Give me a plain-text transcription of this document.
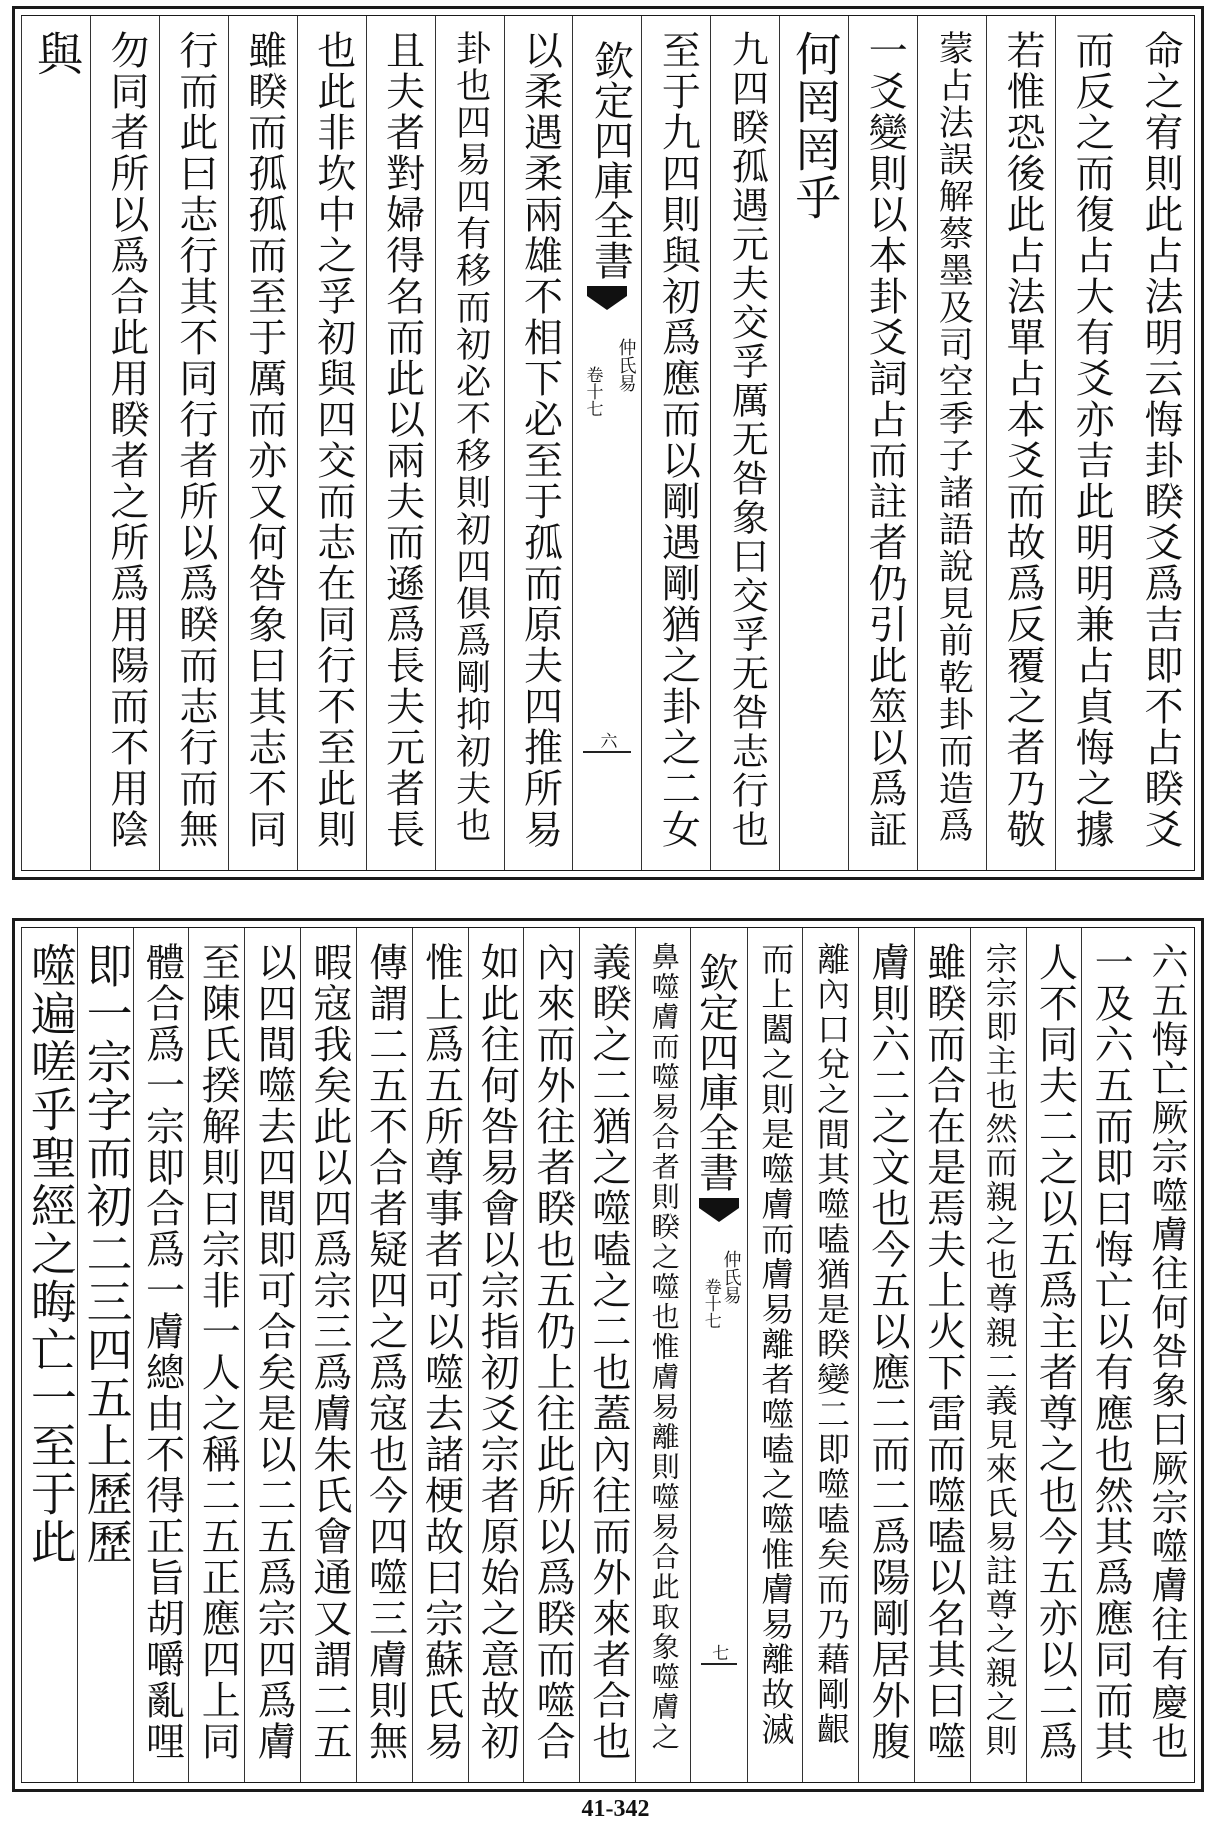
命之宥則此占法明云悔卦睽爻爲吉即不占睽爻
而反之而復占大有爻亦吉此明明兼占貞悔之據
若惟恐後此占法單占本爻而故爲反覆之者乃敬
蒙占法誤解蔡墨及司空季子諸語說見前乾卦而造爲
一爻變則以本卦爻詞占而註者仍引此筮以爲証
何罔罔乎
九四睽孤遇元夫交孚厲无咎象曰交孚无咎志行也
至于九四則與初爲應而以剛遇剛猶之卦之二女
欽定四庫全書
仲氏易
卷十七
六
以柔遇柔兩雄不相下必至于孤而原夫四推所易
卦也四易四有移而初必不移則初四俱爲剛抑初夫也
且夫者對婦得名而此以兩夫而遜爲長夫元者長
也此非坎中之孚初與四交而志在同行不至此則
雖睽而孤孤而至于厲而亦又何咎象曰其志不同
行而此曰志行其不同行者所以爲睽而志行而無
勿同者所以爲合此用睽者之所爲用陽而不用陰
與
六五悔亡厥宗噬膚往何咎象曰厥宗噬膚往有慶也
一及六五而即曰悔亡以有應也然其爲應同而其
人不同夫二之以五爲主者尊之也今五亦以二爲
宗宗即主也然而親之也尊親二義見來氏易註尊之親之則
雖睽而合在是焉夫上火下雷而噬嗑以名其曰噬
膚則六二之文也今五以應二而二爲陽剛居外腹
離內口兌之間其噬嗑猶是睽變二即噬嗑矣而乃藉剛齦
而上闔之則是噬膚而膚易離者噬嗑之噬惟膚易離故滅
欽定四庫全書
仲氏易
卷十七
七
鼻噬膚而噬易合者則睽之噬也惟膚易離則噬易合此取象噬膚之
義睽之二猶之噬嗑之二也蓋內往而外來者合也
內來而外往者睽也五仍上往此所以爲睽而噬合
如此往何咎易會以宗指初爻宗者原始之意故初
惟上爲五所尊事者可以噬去諸梗故曰宗蘇氏易
傳謂二五不合者疑四之爲寇也今四噬三膚則無
暇寇我矣此以四爲宗三爲膚朱氏會通又謂二五
以四間噬去四間即可合矣是以二五爲宗四爲膚
至陳氏揆解則曰宗非一人之稱二五正應四上同
體合爲一宗即合爲一膚總由不得正旨胡嚼亂哩
即一宗字而初二三四五上歷歷
噬遍嗟乎聖經之晦亡一至于此
41-342
